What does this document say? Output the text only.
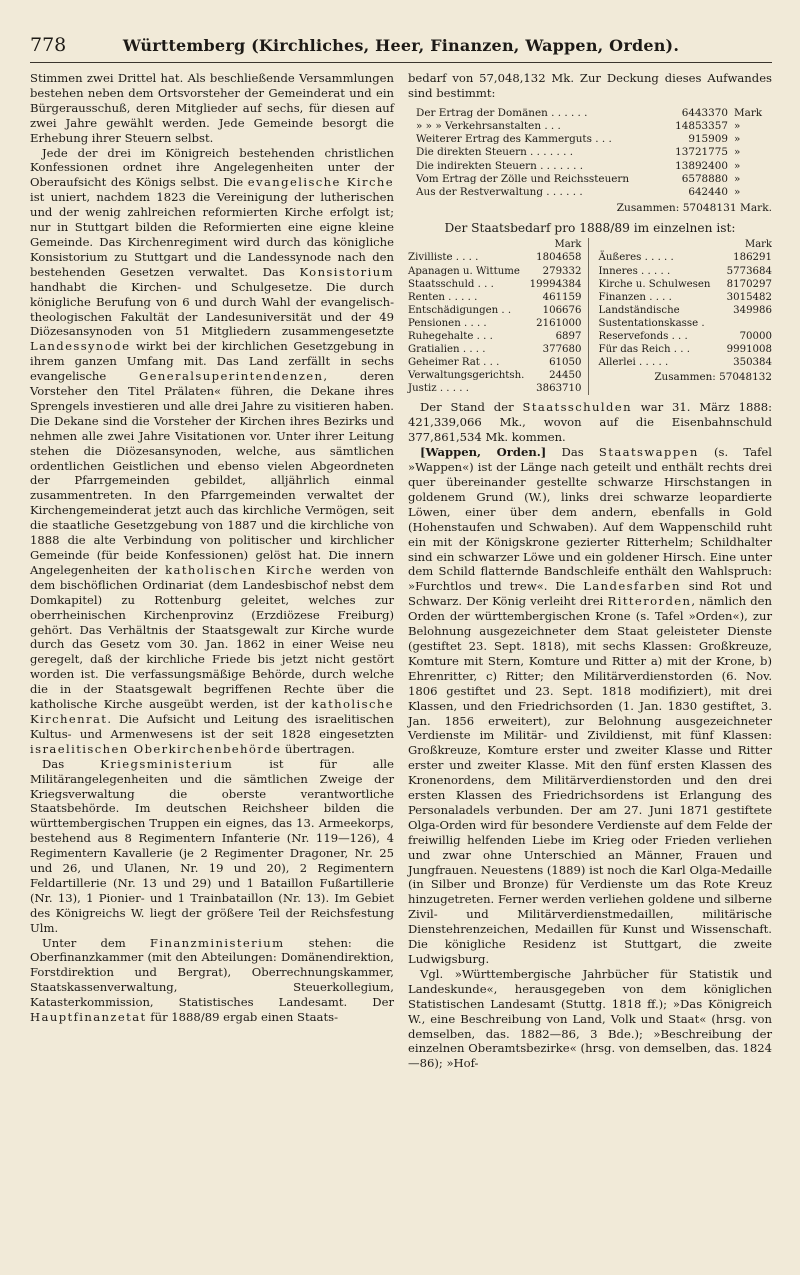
778	Württemberg (Kirchliches, Heer, Finanzen, Wappen, Orden).

Stimmen zwei Drittel hat. Als beschließende Versammlungen bestehen neben dem Ortsvorsteher der Gemeinderat und ein Bürgerausschuß, deren Mitglieder auf sechs, für diesen auf zwei Jahre gewählt werden. Jede Gemeinde besorgt die Erhebung ihrer Steuern selbst.

Jede der drei im Königreich bestehenden christlichen Konfessionen ordnet ihre Angelegenheiten unter der Oberaufsicht des Königs selbst. Die evangelische Kirche ist uniert, nachdem 1823 die Vereinigung der lutherischen und der wenig zahlreichen reformierten Kirche erfolgt ist; nur in Stuttgart bilden die Reformierten eine eigne kleine Gemeinde. Das Kirchenregiment wird durch das königliche Konsistorium zu Stuttgart und die Landessynode nach den bestehenden Gesetzen verwaltet. Das Konsistorium handhabt die Kirchen- und Schulgesetze. Die durch königliche Berufung von 6 und durch Wahl der evangelisch-theologischen Fakultät der Landesuniversität und der 49 Diözesansynoden von 51 Mitgliedern zusammengesetzte Landessynode wirkt bei der kirchlichen Gesetzgebung in ihrem ganzen Umfang mit. Das Land zerfällt in sechs evangelische Generalsuperintendenzen, deren Vorsteher den Titel Prälaten« führen, die Dekane ihres Sprengels investieren und alle drei Jahre zu visitieren haben. Die Dekane sind die Vorsteher der Kirchen ihres Bezirks und nehmen alle zwei Jahre Visitationen vor. Unter ihrer Leitung stehen die Diözesansynoden, welche, aus sämtlichen ordentlichen Geistlichen und ebenso vielen Abgeordneten der Pfarrgemeinden gebildet, alljährlich einmal zusammentreten. In den Pfarrgemeinden verwaltet der Kirchengemeinderat jetzt auch das kirchliche Vermögen, seit die staatliche Gesetzgebung von 1887 und die kirchliche von 1888 die alte Verbindung von politischer und kirchlicher Gemeinde (für beide Konfessionen) gelöst hat. Die innern Angelegenheiten der katholischen Kirche werden von dem bischöflichen Ordinariat (dem Landesbischof nebst dem Domkapitel) zu Rottenburg geleitet, welches zur oberrheinischen Kirchenprovinz (Erzdiözese Freiburg) gehört. Das Verhältnis der Staatsgewalt zur Kirche wurde durch das Gesetz vom 30. Jan. 1862 in einer Weise neu geregelt, daß der kirchliche Friede bis jetzt nicht gestört worden ist. Die verfassungsmäßige Behörde, durch welche die in der Staatsgewalt begriffenen Rechte über die katholische Kirche ausgeübt werden, ist der katholische Kirchenrat. Die Aufsicht und Leitung des israelitischen Kultus- und Armenwesens ist der seit 1828 eingesetzten israelitischen Oberkirchenbehörde übertragen.

Das Kriegsministerium ist für alle Militärangelegenheiten und die sämtlichen Zweige der Kriegsverwaltung die oberste verantwortliche Staatsbehörde. Im deutschen Reichsheer bilden die württembergischen Truppen ein eignes, das 13. Armeekorps, bestehend aus 8 Regimentern Infanterie (Nr. 119—126), 4 Regimentern Kavallerie (je 2 Regimenter Dragoner, Nr. 25 und 26, und Ulanen, Nr. 19 und 20), 2 Regimentern Feldartillerie (Nr. 13 und 29) und 1 Bataillon Fußartillerie (Nr. 13), 1 Pionier- und 1 Trainbataillon (Nr. 13). Im Gebiet des Königreichs W. liegt der größere Teil der Reichsfestung Ulm.

Unter dem Finanzministerium stehen: die Oberfinanzkammer (mit den Abteilungen: Domänendirektion, Forstdirektion und Bergrat), Oberrechnungskammer, Staatskassenverwaltung, Steuerkollegium, Katasterkommission, Statistisches Landesamt. Der Hauptfinanzetat für 1888/89 ergab einen Staats-

bedarf von 57,048,132 Mk. Zur Deckung dieses Aufwandes sind bestimmt:

Der Ertrag der Domänen . . . . . .	6443370 Mark
» » » Verkehrsanstalten . . .	14853357 »
Weiterer Ertrag des Kammerguts . . .	915909 »
Die direkten Steuern . . . . . . .	13721775 »
Die indirekten Steuern . . . . . . .	13892400 »
Vom Ertrag der Zölle und Reichssteuern	6578880 »
Aus der Restverwaltung . . . . . .	642440 »
Zusammen: 57048131 Mark.
Der Staatsbedarf pro 1888/89 im einzelnen ist:
Mark
Zivilliste . . . .	1804658
Apanagen u. Wittume	279332
Staatsschuld . . .	19994384
Renten . . . . .	461159
Entschädigungen . .	106676
Pensionen . . . .	2161000
Ruhegehalte . . .	6897
Gratialien . . . .	377680
Geheimer Rat . . .	61050
Verwaltungsgerichtsh.	24450
Justiz . . . . .	3863710
Mark
Äußeres . . . . .	186291
Inneres . . . . .	5773684
Kirche u. Schulwesen	8170297
Finanzen . . . .	3015482
Landständische Sustentationskasse .
349986
Reservefonds . . .	70000
Für das Reich . . .	9991008
Allerlei . . . . .	350384
Zusammen: 57048132

Der Stand der Staatsschulden war 31. März 1888: 421,339,066 Mk., wovon auf die Eisenbahnschuld 377,861,534 Mk. kommen.

[Wappen, Orden.] Das Staatswappen (s. Tafel »Wappen«) ist der Länge nach geteilt und enthält rechts drei quer übereinander gestellte schwarze Hirschstangen in goldenem Grund (W.), links drei schwarze leopardierte Löwen, einer über dem andern, ebenfalls in Gold (Hohenstaufen und Schwaben). Auf dem Wappenschild ruht ein mit der Königskrone gezierter Ritterhelm; Schildhalter sind ein schwarzer Löwe und ein goldener Hirsch. Eine unter dem Schild flatternde Bandschleife enthält den Wahlspruch: »Furchtlos und trew«. Die Landesfarben sind Rot und Schwarz. Der König verleiht drei Ritterorden, nämlich den Orden der württembergischen Krone (s. Tafel »Orden«), zur Belohnung ausgezeichneter dem Staat geleisteter Dienste (gestiftet 23. Sept. 1818), mit sechs Klassen: Großkreuze, Komture mit Stern, Komture und Ritter a) mit der Krone, b) Ehrenritter, c) Ritter; den Militärverdienstorden (6. Nov. 1806 gestiftet und 23. Sept. 1818 modifiziert), mit drei Klassen, und den Friedrichsorden (1. Jan. 1830 gestiftet, 3. Jan. 1856 erweitert), zur Belohnung ausgezeichneter Verdienste im Militär- und Zivildienst, mit fünf Klassen: Großkreuze, Komture erster und zweiter Klasse und Ritter erster und zweiter Klasse. Mit den fünf ersten Klassen des Kronenordens, dem Militärverdienstorden und den drei ersten Klassen des Friedrichsordens ist Erlangung des Personaladels verbunden. Der am 27. Juni 1871 gestiftete Olga-Orden wird für besondere Verdienste auf dem Felde der freiwillig helfenden Liebe im Krieg oder Frieden verliehen und zwar ohne Unterschied an Männer, Frauen und Jungfrauen. Neuestens (1889) ist noch die Karl Olga-Medaille (in Silber und Bronze) für Verdienste um das Rote Kreuz hinzugetreten. Ferner werden verliehen goldene und silberne Zivil- und Militärverdienstmedaillen, militärische Dienstehrenzeichen, Medaillen für Kunst und Wissenschaft. Die königliche Residenz ist Stuttgart, die zweite Ludwigsburg.

Vgl. »Württembergische Jahrbücher für Statistik und Landeskunde«, herausgegeben von dem königlichen Statistischen Landesamt (Stuttg. 1818 ff.); »Das Königreich W., eine Beschreibung von Land, Volk und Staat« (hrsg. von demselben, das. 1882—86, 3 Bde.); »Beschreibung der einzelnen Oberamtsbezirke« (hrsg. von demselben, das. 1824—86); »Hof-
